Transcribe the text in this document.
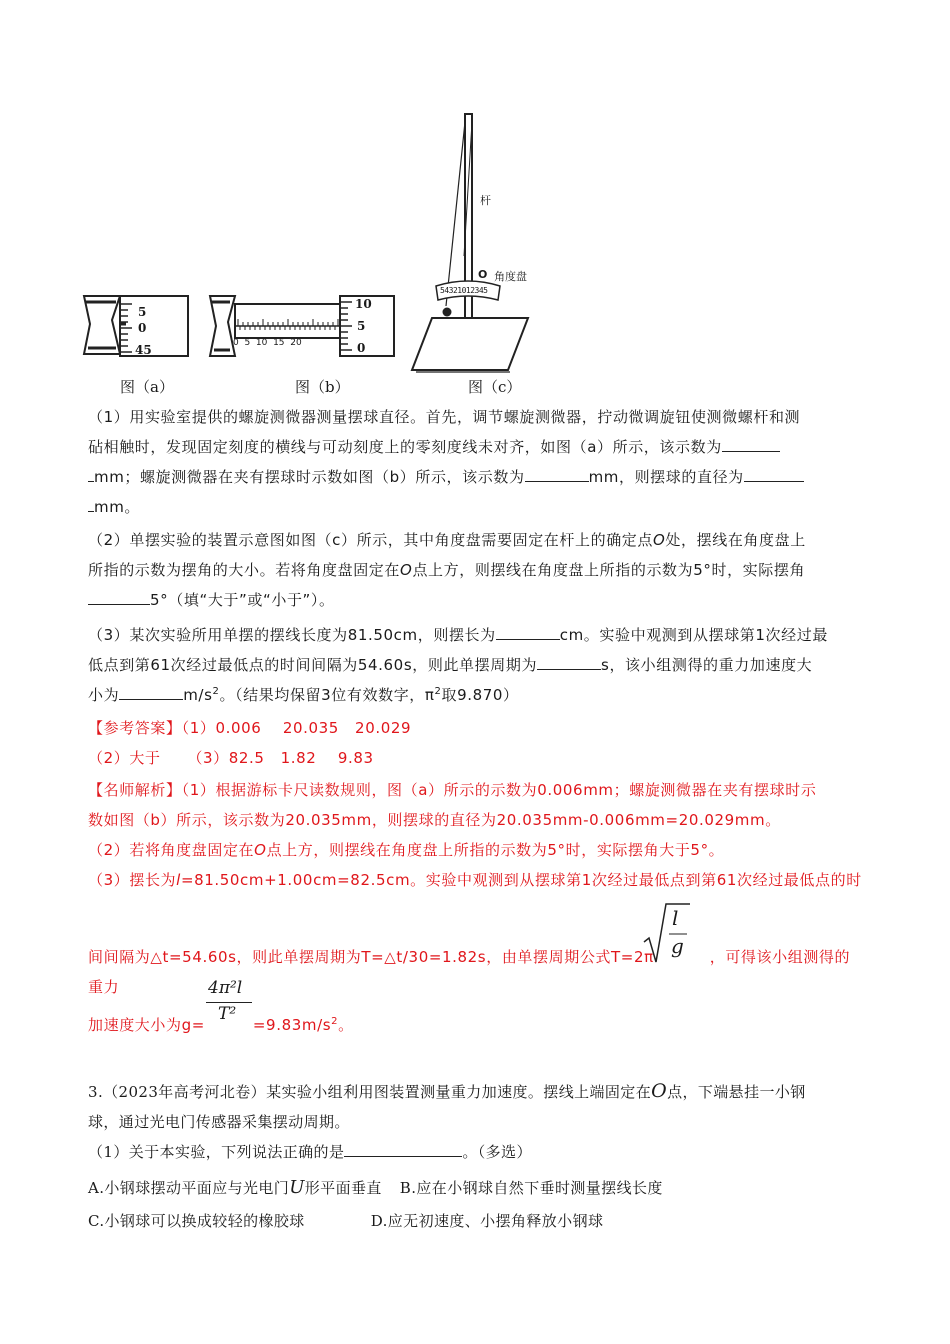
5
0
45	0  5  10  15  20
10
5
0
杆
O 角度盘
54321012345
图（a）	图（b）	图（c）

（1）用实验室提供的螺旋测微器测量摆球直径。首先，调节螺旋测微器，拧动微调旋钮使测微螺杆和测
砧相触时，发现固定刻度的横线与可动刻度上的零刻度线未对齐，如图（a）所示，该示数为
mm；螺旋测微器在夹有摆球时示数如图（b）所示，该示数为	mm，则摆球的直径为
mm。

（2）单摆实验的装置示意图如图（c）所示，其中角度盘需要固定在杆上的确定点O处，摆线在角度盘上
所指的示数为摆角的大小。若将角度盘固定在O点上方，则摆线在角度盘上所指的示数为5°时，实际摆角
5°（填“大于”或“小于”）。

（3）某次实验所用单摆的摆线长度为81.50cm，则摆长为	cm。实验中观测到从摆球第1次经过最
低点到第61次经过最低点的时间间隔为54.60s，则此单摆周期为	s，该小组测得的重力加速度大
小为	$m/s^2$。（结果均保留3位有效数字，$\pi^2$取9.870）

【参考答案】（1）0.006    20.035   20.029
（2）大于     （3）82.5   1.82    9.83

【名师解析】（1）根据游标卡尺读数规则，图（a）所示的示数为0.006mm；螺旋测微器在夹有摆球时示
数如图（b）所示，该示数为20.035mm，则摆球的直径为20.035mm-0.006mm=20.029mm。
（2）若将角度盘固定在O点上方，则摆线在角度盘上所指的示数为5°时，实际摆角大于5°。
（3）摆长为l=81.50cm+1.00cm=82.5cm。实验中观测到从摆球第1次经过最低点到第61次经过最低点的时

间间隔为△t=54.60s，则此单摆周期为T=△t/30=1.82s，由单摆周期公式T=2π	，可得该小组测得的重力

l
g

加速度大小为g=	$=9.83m/s^2$。

4π²l
T²

3.（2023年高考河北卷）某实验小组利用图装置测量重力加速度。摆线上端固定在O点，下端悬挂一小钢
球，通过光电门传感器采集摆动周期。
（1）关于本实验，下列说法正确的是	。（多选）

A.小钢球摆动平面应与光电门U形平面垂直 B.应在小钢球自然下垂时测量摆线长度

C.小钢球可以换成较轻的橡胶球	D.应无初速度、小摆角释放小钢球
